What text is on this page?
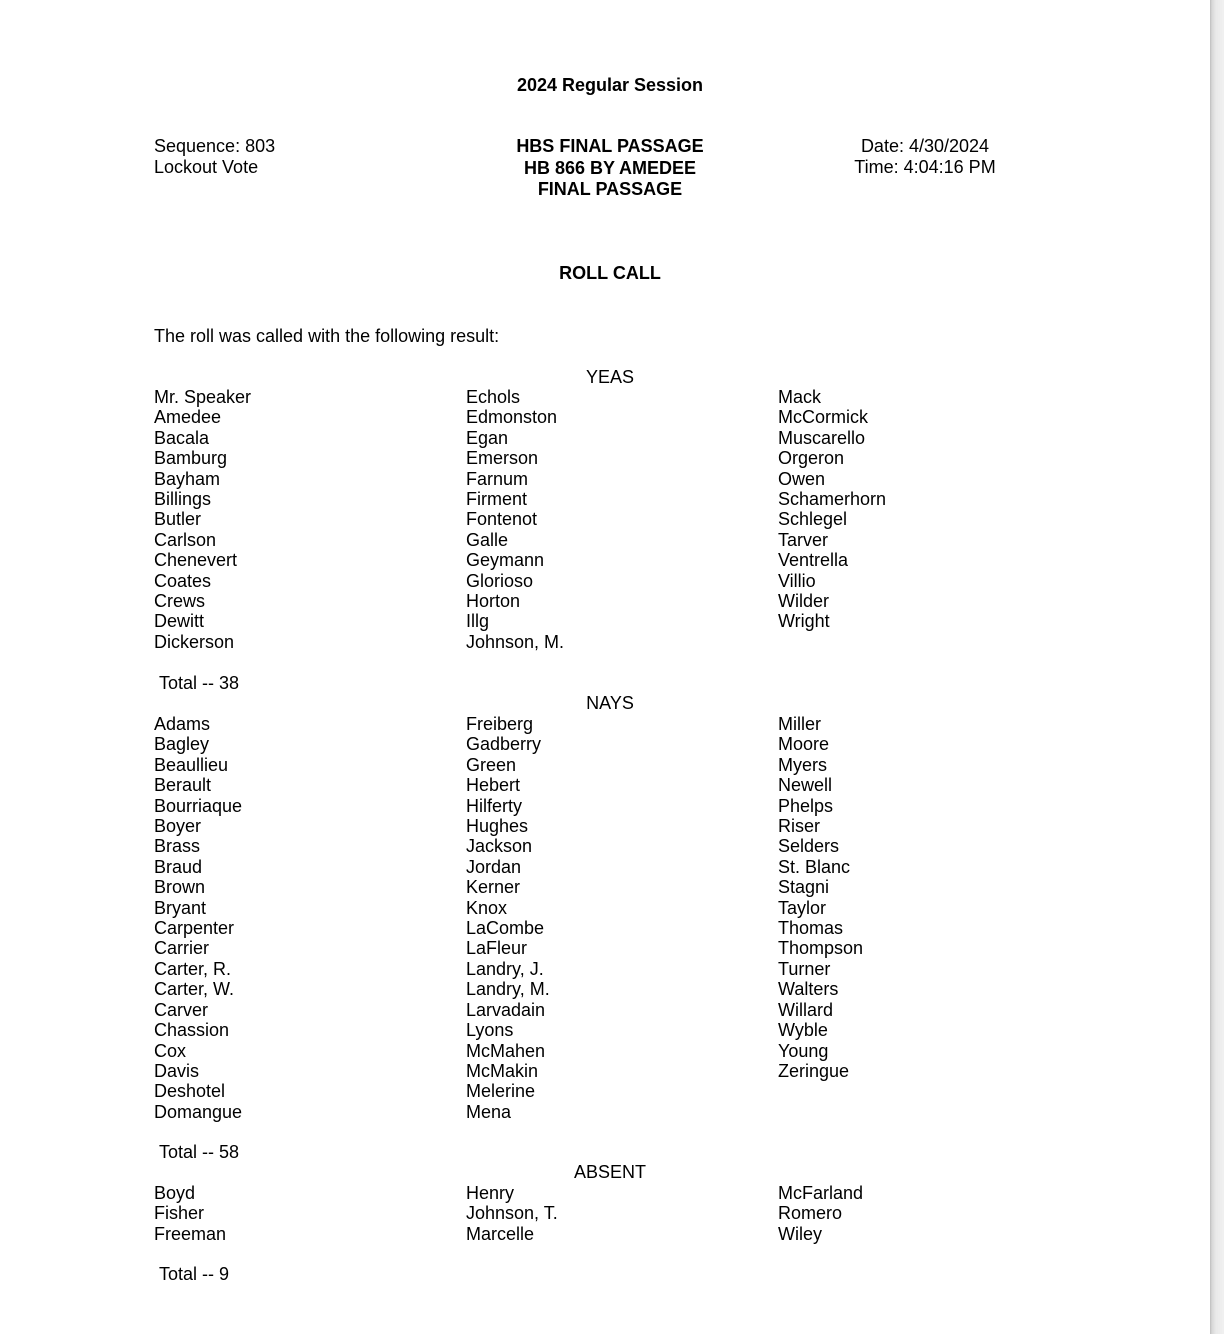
2024 Regular Session
Sequence: 803
Lockout Vote
HBS FINAL PASSAGE
HB 866 BY AMEDEE
FINAL PASSAGE
Date: 4/30/2024
Time: 4:04:16 PM
ROLL CALL
The roll was called with the following result:
YEAS
Mr. Speaker
Amedee
Bacala
Bamburg
Bayham
Billings
Butler
Carlson
Chenevert
Coates
Crews
Dewitt
Dickerson
Echols
Edmonston
Egan
Emerson
Farnum
Firment
Fontenot
Galle
Geymann
Glorioso
Horton
Illg
Johnson, M.
Mack
McCormick
Muscarello
Orgeron
Owen
Schamerhorn
Schlegel
Tarver
Ventrella
Villio
Wilder
Wright
Total -- 38
NAYS
Adams
Bagley
Beaullieu
Berault
Bourriaque
Boyer
Brass
Braud
Brown
Bryant
Carpenter
Carrier
Carter, R.
Carter, W.
Carver
Chassion
Cox
Davis
Deshotel
Domangue
Freiberg
Gadberry
Green
Hebert
Hilferty
Hughes
Jackson
Jordan
Kerner
Knox
LaCombe
LaFleur
Landry, J.
Landry, M.
Larvadain
Lyons
McMahen
McMakin
Melerine
Mena
Miller
Moore
Myers
Newell
Phelps
Riser
Selders
St. Blanc
Stagni
Taylor
Thomas
Thompson
Turner
Walters
Willard
Wyble
Young
Zeringue
Total -- 58
ABSENT
Boyd
Fisher
Freeman
Henry
Johnson, T.
Marcelle
McFarland
Romero
Wiley
Total -- 9
